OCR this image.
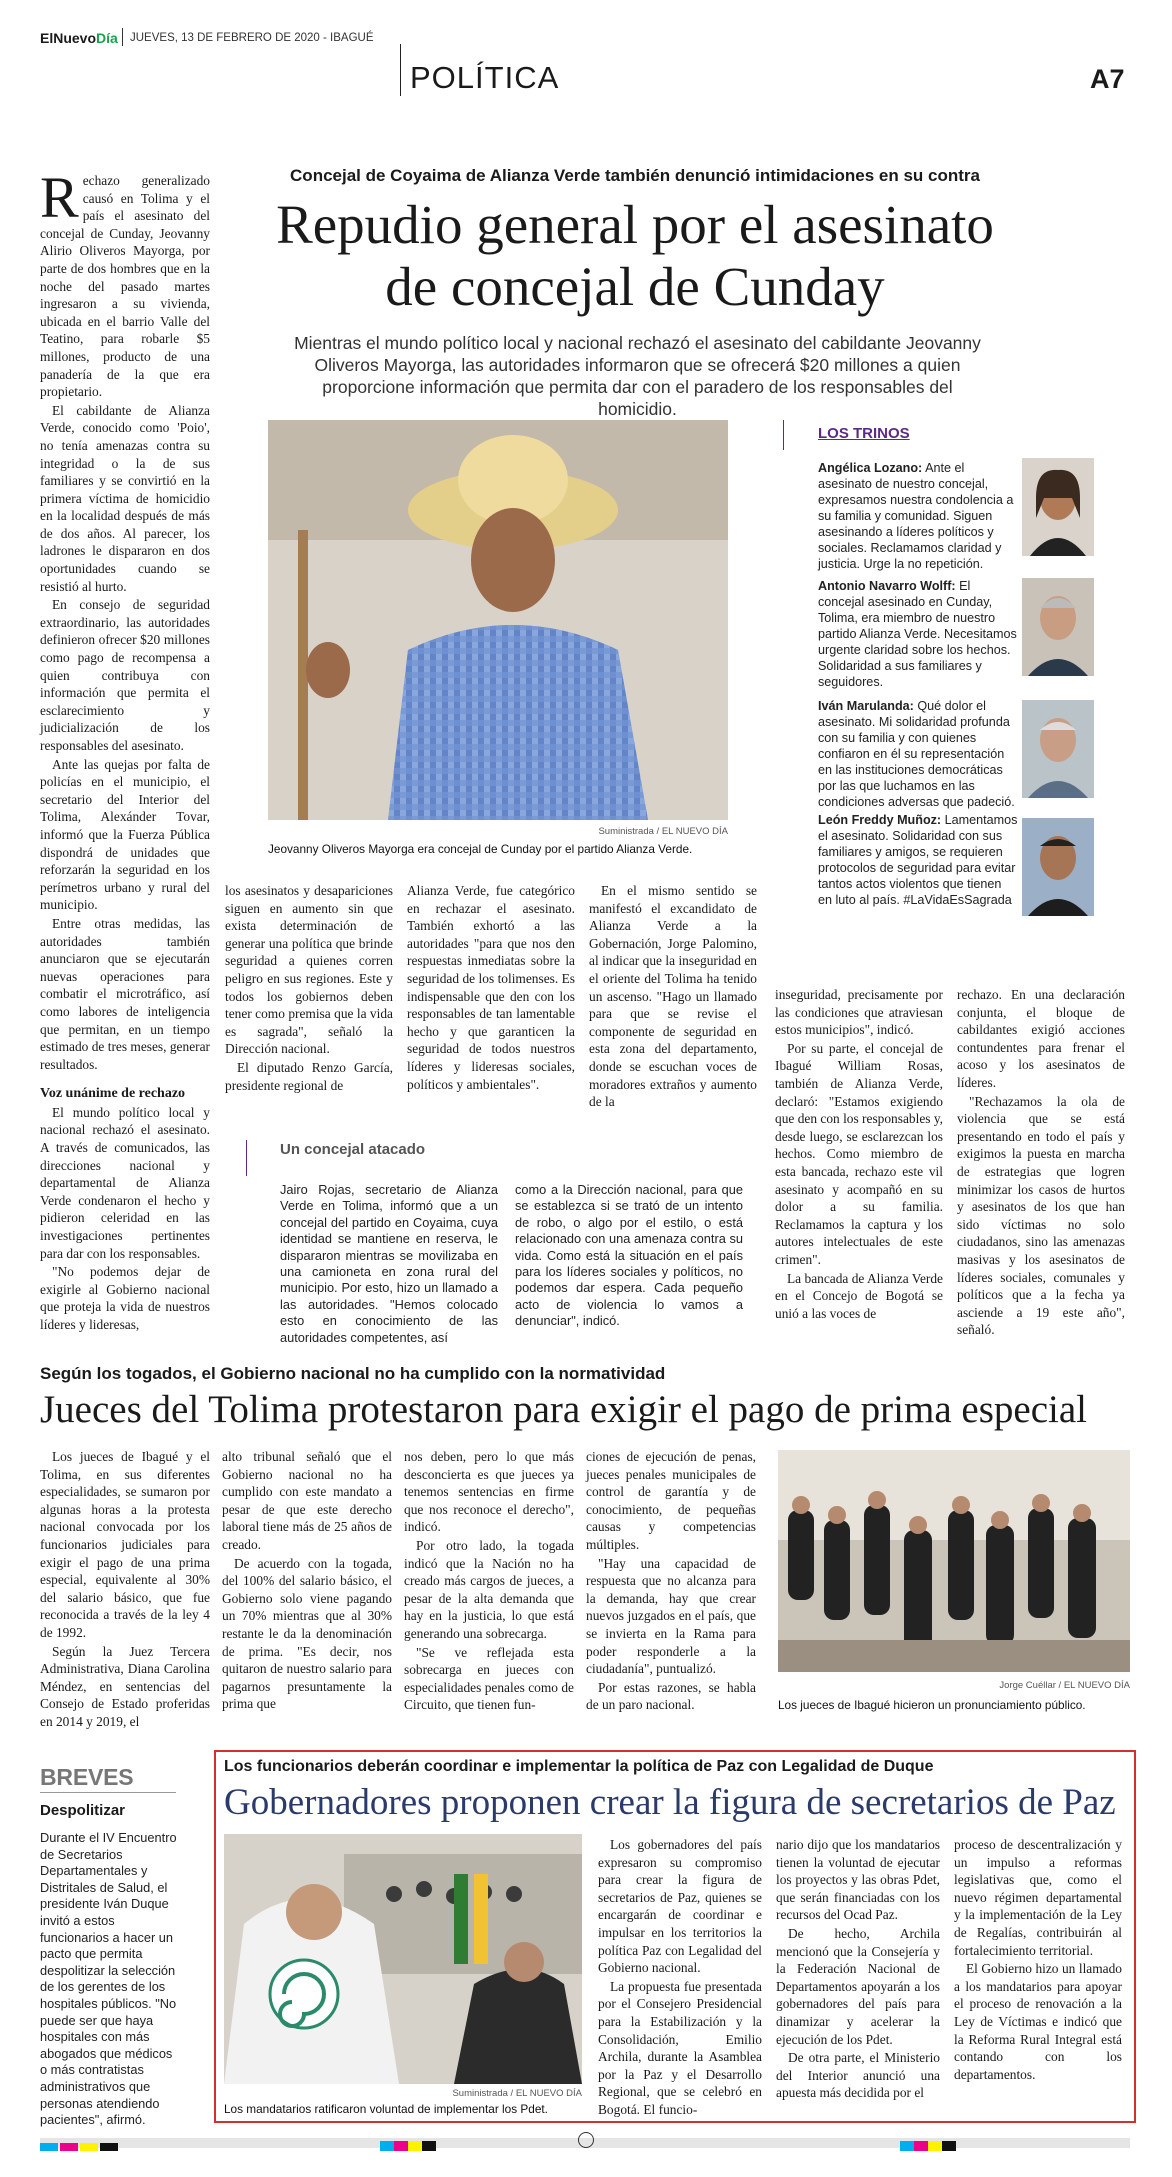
ElNuevoDía JUEVES, 13 DE FEBRERO DE 2020 - IBAGUÉ
POLÍTICA	A7
Concejal de Coyaima de Alianza Verde también denunció intimidaciones en su contra
Repudio general por el asesinato
de concejal de Cunday
Mientras el mundo político local y nacional rechazó el asesinato del cabildante Jeovanny Oliveros Mayorga, las autoridades informaron que se ofrecerá $20 millones a quien proporcione información que permita dar con el paradero de los responsables del homicidio.

Rechazo generalizado causó en Tolima y el país el asesinato del concejal de Cunday, Jeovanny Alirio Oliveros Mayorga, por parte de dos hombres que en la noche del pasado martes ingresaron a su vivienda, ubicada en el barrio Valle del Teatino, para robarle $5 millones, producto de una panadería de la que era propietario.

El cabildante de Alianza Verde, conocido como 'Poio', no tenía amenazas contra su integridad o la de sus familiares y se convirtió en la primera víctima de homicidio en la localidad después de más de dos años. Al parecer, los ladrones le dispararon en dos oportunidades cuando se resistió al hurto.

En consejo de seguridad extraordinario, las autoridades definieron ofrecer $20 millones como pago de recompensa a quien contribuya con información que permita el esclarecimiento y judicialización de los responsables del asesinato.

Ante las quejas por falta de policías en el municipio, el secretario del Interior del Tolima, Alexánder Tovar, informó que la Fuerza Pública dispondrá de unidades que reforzarán la seguridad en los perímetros urbano y rural del municipio.

Entre otras medidas, las autoridades también anunciaron que se ejecutarán nuevas operaciones para combatir el microtráfico, así como labores de inteligencia que permitan, en un tiempo estimado de tres meses, generar resultados.

Voz unánime de rechazo

El mundo político local y nacional rechazó el asesinato. A través de comunicados, las direcciones nacional y departamental de Alianza Verde condenaron el hecho y pidieron celeridad en las investigaciones pertinentes para dar con los responsables.

"No podemos dejar de exigirle al Gobierno nacional que proteja la vida de nuestros líderes y lideresas,

Suministrada / EL NUEVO DÍA
Jeovanny Oliveros Mayorga era concejal de Cunday por el partido Alianza Verde.
LOS TRINOS
Angélica Lozano: Ante el asesinato de nuestro concejal, expresamos nuestra condolencia a su familia y comunidad. Siguen asesinando a líderes políticos y sociales. Reclamamos claridad y justicia. Urge la no repetición.
Antonio Navarro Wolff: El concejal asesinado en Cunday, Tolima, era miembro de nuestro partido Alianza Verde. Necesitamos urgente claridad sobre los hechos. Solidaridad a sus familiares y seguidores.
Iván Marulanda: Qué dolor el asesinato. Mi solidaridad profunda con su familia y con quienes confiaron en él su representación en las instituciones democráticas por las que luchamos en las condiciones adversas que padeció.
León Freddy Muñoz: Lamentamos el asesinato. Solidaridad con sus familiares y amigos, se requieren protocolos de seguridad para evitar tantos actos violentos que tienen en luto al país. #LaVidaEsSagrada

los asesinatos y desapariciones siguen en aumento sin que exista determinación de generar una política que brinde seguridad a quienes corren peligro en sus regiones. Este y todos los gobiernos deben tener como premisa que la vida es sagrada", señaló la Dirección nacional.

El diputado Renzo García, presidente regional de

Alianza Verde, fue categórico en rechazar el asesinato. También exhortó a las autoridades "para que nos den respuestas inmediatas sobre la seguridad de los tolimenses. Es indispensable que den con los responsables de tan lamentable hecho y que garanticen la seguridad de todos nuestros líderes y lideresas sociales, políticos y ambientales".

En el mismo sentido se manifestó el excandidato de Alianza Verde a la Gobernación, Jorge Palomino, al indicar que la inseguridad en el oriente del Tolima ha tenido un ascenso. "Hago un llamado para que se revise el componente de seguridad en esta zona del departamento, donde se escuchan voces de moradores extraños y aumento de la

inseguridad, precisamente por las condiciones que atraviesan estos municipios", indicó.

Por su parte, el concejal de Ibagué William Rosas, también de Alianza Verde, declaró: "Estamos exigiendo que den con los responsables y, desde luego, se esclarezcan los hechos. Como miembro de esta bancada, rechazo este vil asesinato y acompañó en su dolor a su familia. Reclamamos la captura y los autores intelectuales de este crimen".

La bancada de Alianza Verde en el Concejo de Bogotá se unió a las voces de

rechazo. En una declaración conjunta, el bloque de cabildantes exigió acciones contundentes para frenar el acoso y los asesinatos de líderes.

"Rechazamos la ola de violencia que se está presentando en todo el país y exigimos la puesta en marcha de estrategias que logren minimizar los casos de hurtos y asesinatos de los que han sido víctimas no solo ciudadanos, sino las amenazas masivas y los asesinatos de líderes sociales, comunales y políticos que a la fecha ya asciende a 19 este año", señaló.

Un concejal atacado
Jairo Rojas, secretario de Alianza Verde en Tolima, informó que a un concejal del partido en Coyaima, cuya identidad se mantiene en reserva, le dispararon mientras se movilizaba en una camioneta en zona rural del municipio. Por esto, hizo un llamado a las autoridades. "Hemos colocado esto en conocimiento de las autoridades competentes, así
como a la Dirección nacional, para que se establezca si se trató de un intento de robo, o algo por el estilo, o está relacionado con una amenaza contra su vida. Como está la situación en el país para los líderes sociales y políticos, no podemos dar espera. Cada pequeño acto de violencia lo vamos a denunciar", indicó.
Según los togados, el Gobierno nacional no ha cumplido con la normatividad
Jueces del Tolima protestaron para exigir el pago de prima especial

Los jueces de Ibagué y el Tolima, en sus diferentes especialidades, se sumaron por algunas horas a la protesta nacional convocada por los funcionarios judiciales para exigir el pago de una prima especial, equivalente al 30% del salario básico, que fue reconocida a través de la ley 4 de 1992.

Según la Juez Tercera Administrativa, Diana Carolina Méndez, en sentencias del Consejo de Estado proferidas en 2014 y 2019, el

alto tribunal señaló que el Gobierno nacional no ha cumplido con este mandato a pesar de que este derecho laboral tiene más de 25 años de creado.

De acuerdo con la togada, del 100% del salario básico, el Gobierno solo viene pagando un 70% mientras que al 30% restante le da la denominación de prima. "Es decir, nos quitaron de nuestro salario para pagarnos presuntamente la prima que

nos deben, pero lo que más desconcierta es que jueces ya tenemos sentencias en firme que nos reconoce el derecho", indicó.

Por otro lado, la togada indicó que la Nación no ha creado más cargos de jueces, a pesar de la alta demanda que hay en la justicia, lo que está generando una sobrecarga.

"Se ve reflejada esta sobrecarga en jueces con especialidades penales como de Circuito, que tienen fun-

ciones de ejecución de penas, jueces penales municipales de control de garantía y de conocimiento, de pequeñas causas y competencias múltiples.

"Hay una capacidad de respuesta que no alcanza para la demanda, hay que crear nuevos juzgados en el país, que se invierta en la Rama para poder responderle a la ciudadanía", puntualizó.

Por estas razones, se habla de un paro nacional.

Jorge Cuéllar / EL NUEVO DÍA
Los jueces de Ibagué hicieron un pronunciamiento público.
BREVES
Despolitizar
Durante el IV Encuentro de Secretarios Departamentales y Distritales de Salud, el presidente Iván Duque invitó a estos funcionarios a hacer un pacto que permita despolitizar la selección de los gerentes de los hospitales públicos. "No puede ser que haya hospitales con más abogados que médicos o más contratistas administrativos que personas atendiendo pacientes", afirmó.
Los funcionarios deberán coordinar e implementar la política de Paz con Legalidad de Duque
Gobernadores proponen crear la figura de secretarios de Paz
Suministrada / EL NUEVO DÍA
Los mandatarios ratificaron voluntad de implementar los Pdet.

Los gobernadores del país expresaron su compromiso para crear la figura de secretarios de Paz, quienes se encargarán de coordinar e impulsar en los territorios la política Paz con Legalidad del Gobierno nacional.

La propuesta fue presentada por el Consejero Presidencial para la Estabilización y la Consolidación, Emilio Archila, durante la Asamblea por la Paz y el Desarrollo Regional, que se celebró en Bogotá. El funcio-

nario dijo que los mandatarios tienen la voluntad de ejecutar los proyectos y las obras Pdet, que serán financiadas con los recursos del Ocad Paz.

De hecho, Archila mencionó que la Consejería y la Federación Nacional de Departamentos apoyarán a los gobernadores del país para dinamizar y acelerar la ejecución de los Pdet.

De otra parte, el Ministerio del Interior anunció una apuesta más decidida por el

proceso de descentralización y un impulso a reformas legislativas que, como el nuevo régimen departamental y la implementación de la Ley de Regalías, contribuirán al fortalecimiento territorial.

El Gobierno hizo un llamado a los mandatarios para apoyar el proceso de renovación a la Ley de Víctimas e indicó que la Reforma Rural Integral está contando con los departamentos.
